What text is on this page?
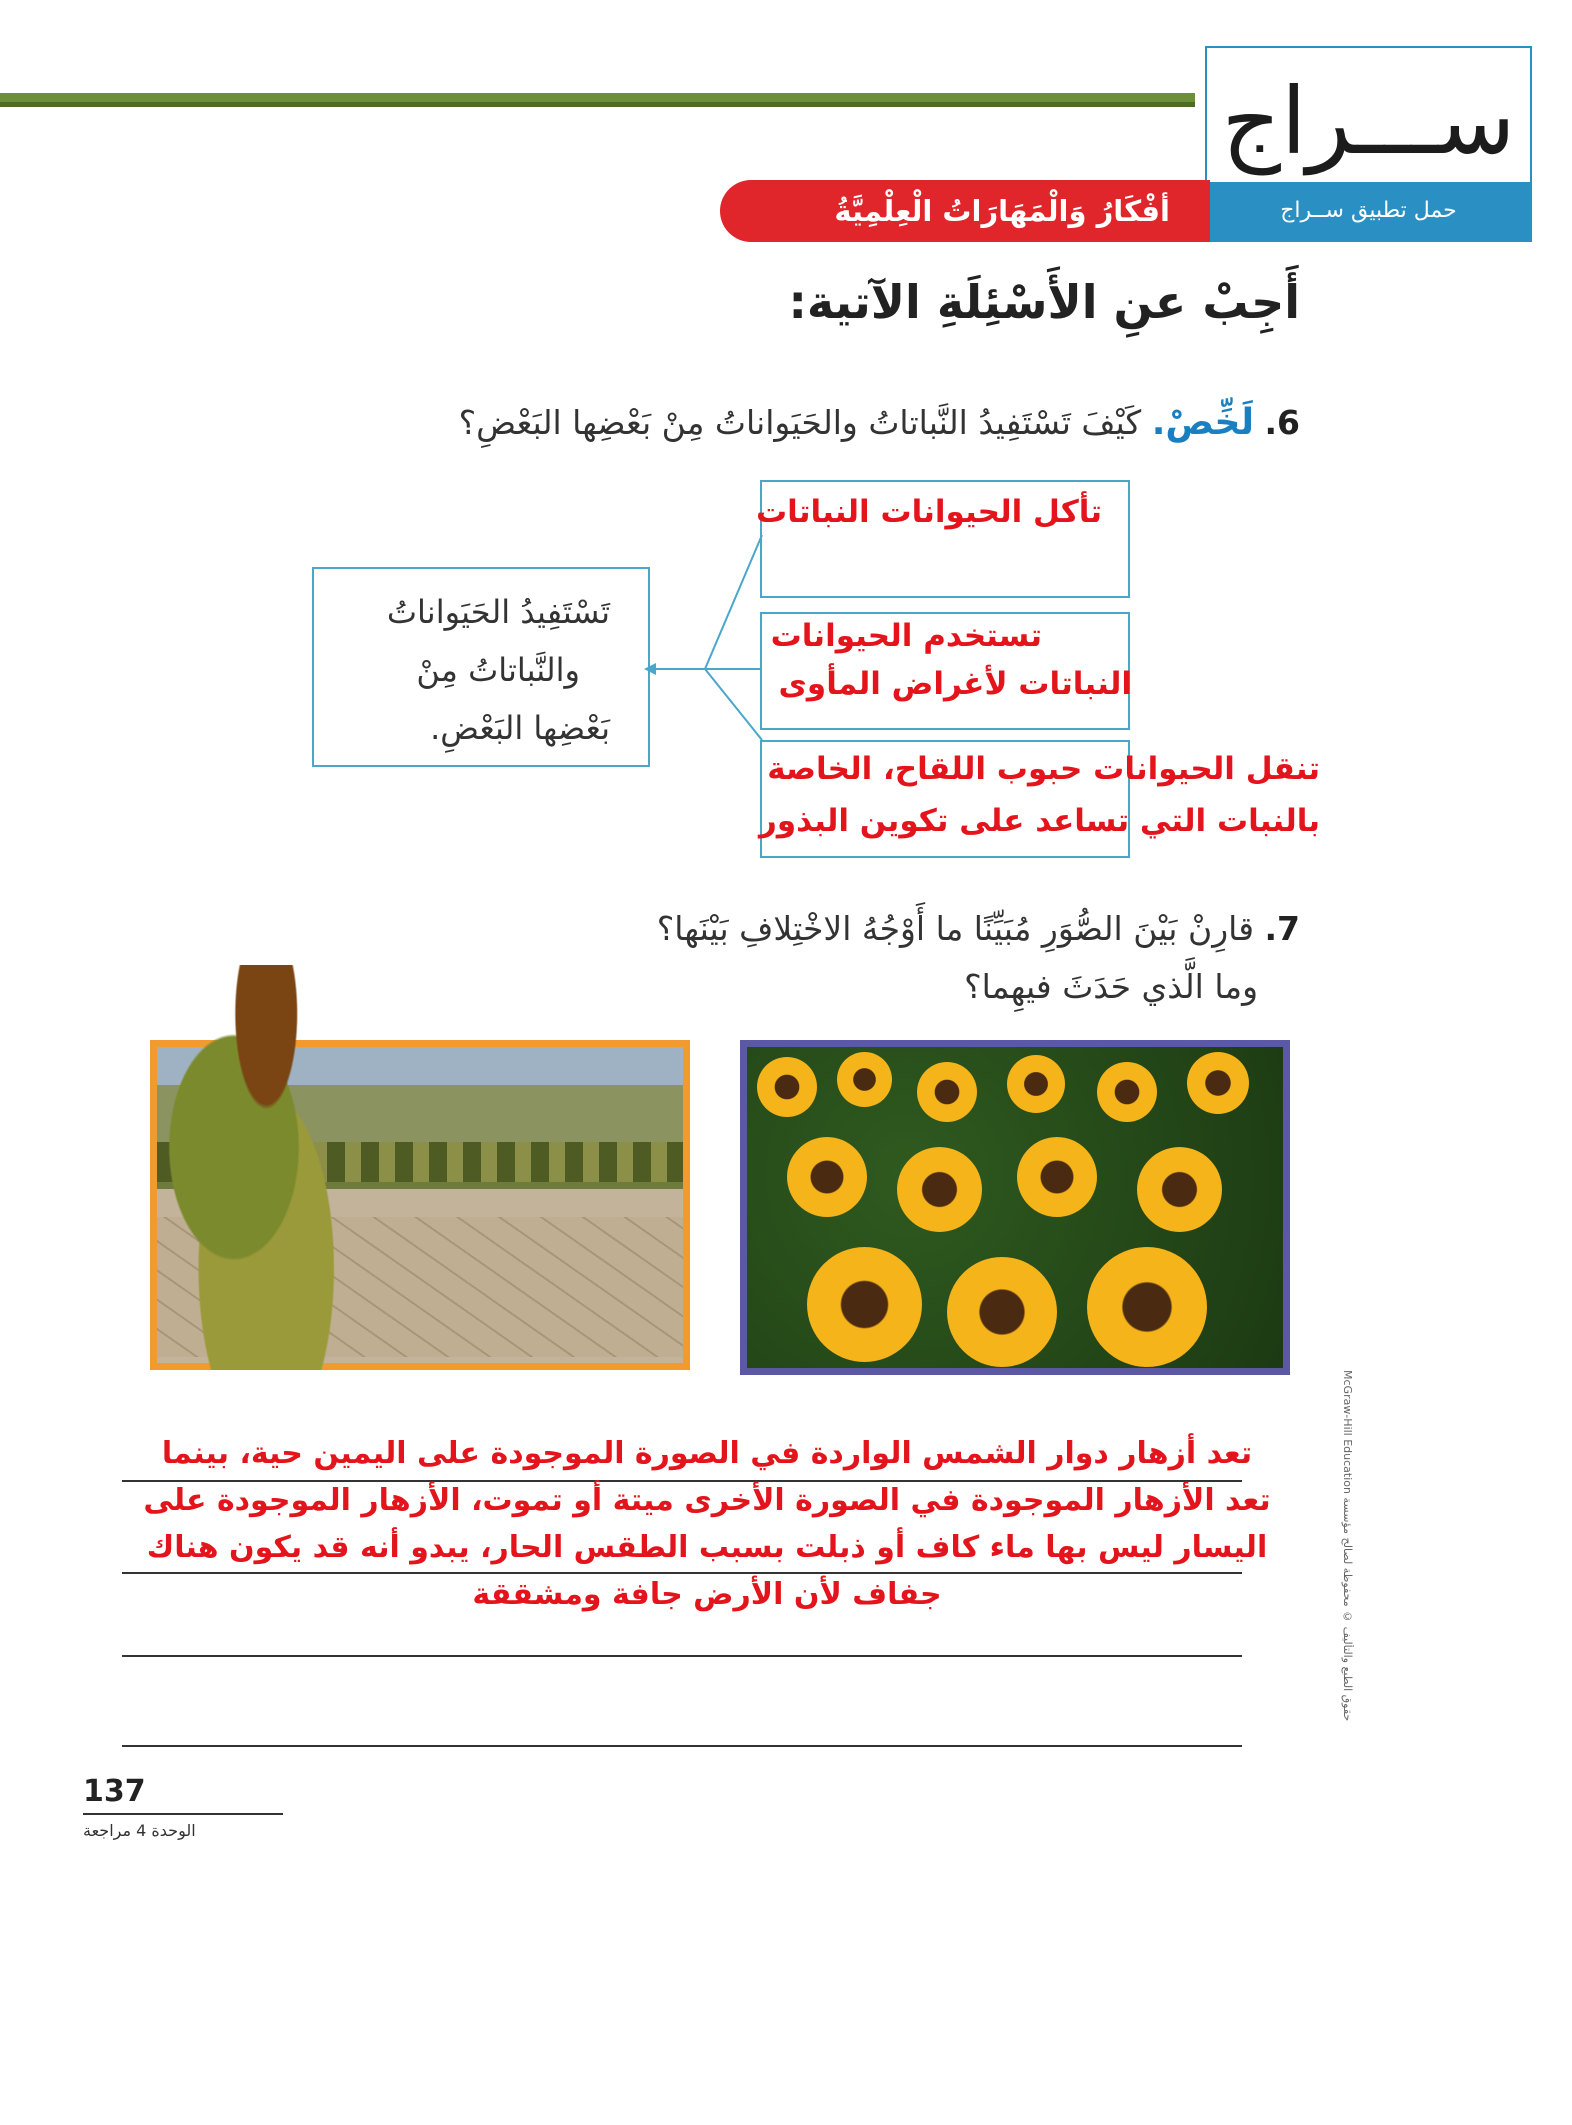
ســـراج
حمل تطبيق ســراج
أفْكَارُ وَالْمَهَارَاتُ الْعِلْمِيَّةُ
أَجِبْ عنِ الأَسْئِلَةِ الآتية:
6. لَخِّصْ. كَيْفَ تَسْتَفِيدُ النَّباتاتُ والحَيَواناتُ مِنْ بَعْضِها البَعْضِ؟
تَسْتَفِيدُ الحَيَواناتُ
والنَّباتاتُ مِنْ
بَعْضِها البَعْضِ.
تأكل الحيوانات النباتات
تستخدم الحيوانات
النباتات لأغراض المأوى
تنقل الحيوانات حبوب اللقاح، الخاصة
بالنبات التي تساعد على تكوين البذور
7. قارِنْ بَيْنَ الصُّوَرِ مُبَيِّنًا ما أَوْجُهُ الاخْتِلافِ بَيْنَها؟
وما الَّذي حَدَثَ فيهِما؟
تعد أزهار دوار الشمس الواردة في الصورة الموجودة على اليمين حية، بينما
تعد الأزهار الموجودة في الصورة الأخرى ميتة أو تموت، الأزهار الموجودة على
اليسار ليس بها ماء كاف أو ذبلت بسبب الطقس الحار، يبدو أنه قد يكون هناك
جفاف لأن الأرض جافة ومشققة
McGraw-Hill Education حقوق الطبع والتأليف © محفوظة لصالح مؤسسة
137
الوحدة 4 مراجعة
